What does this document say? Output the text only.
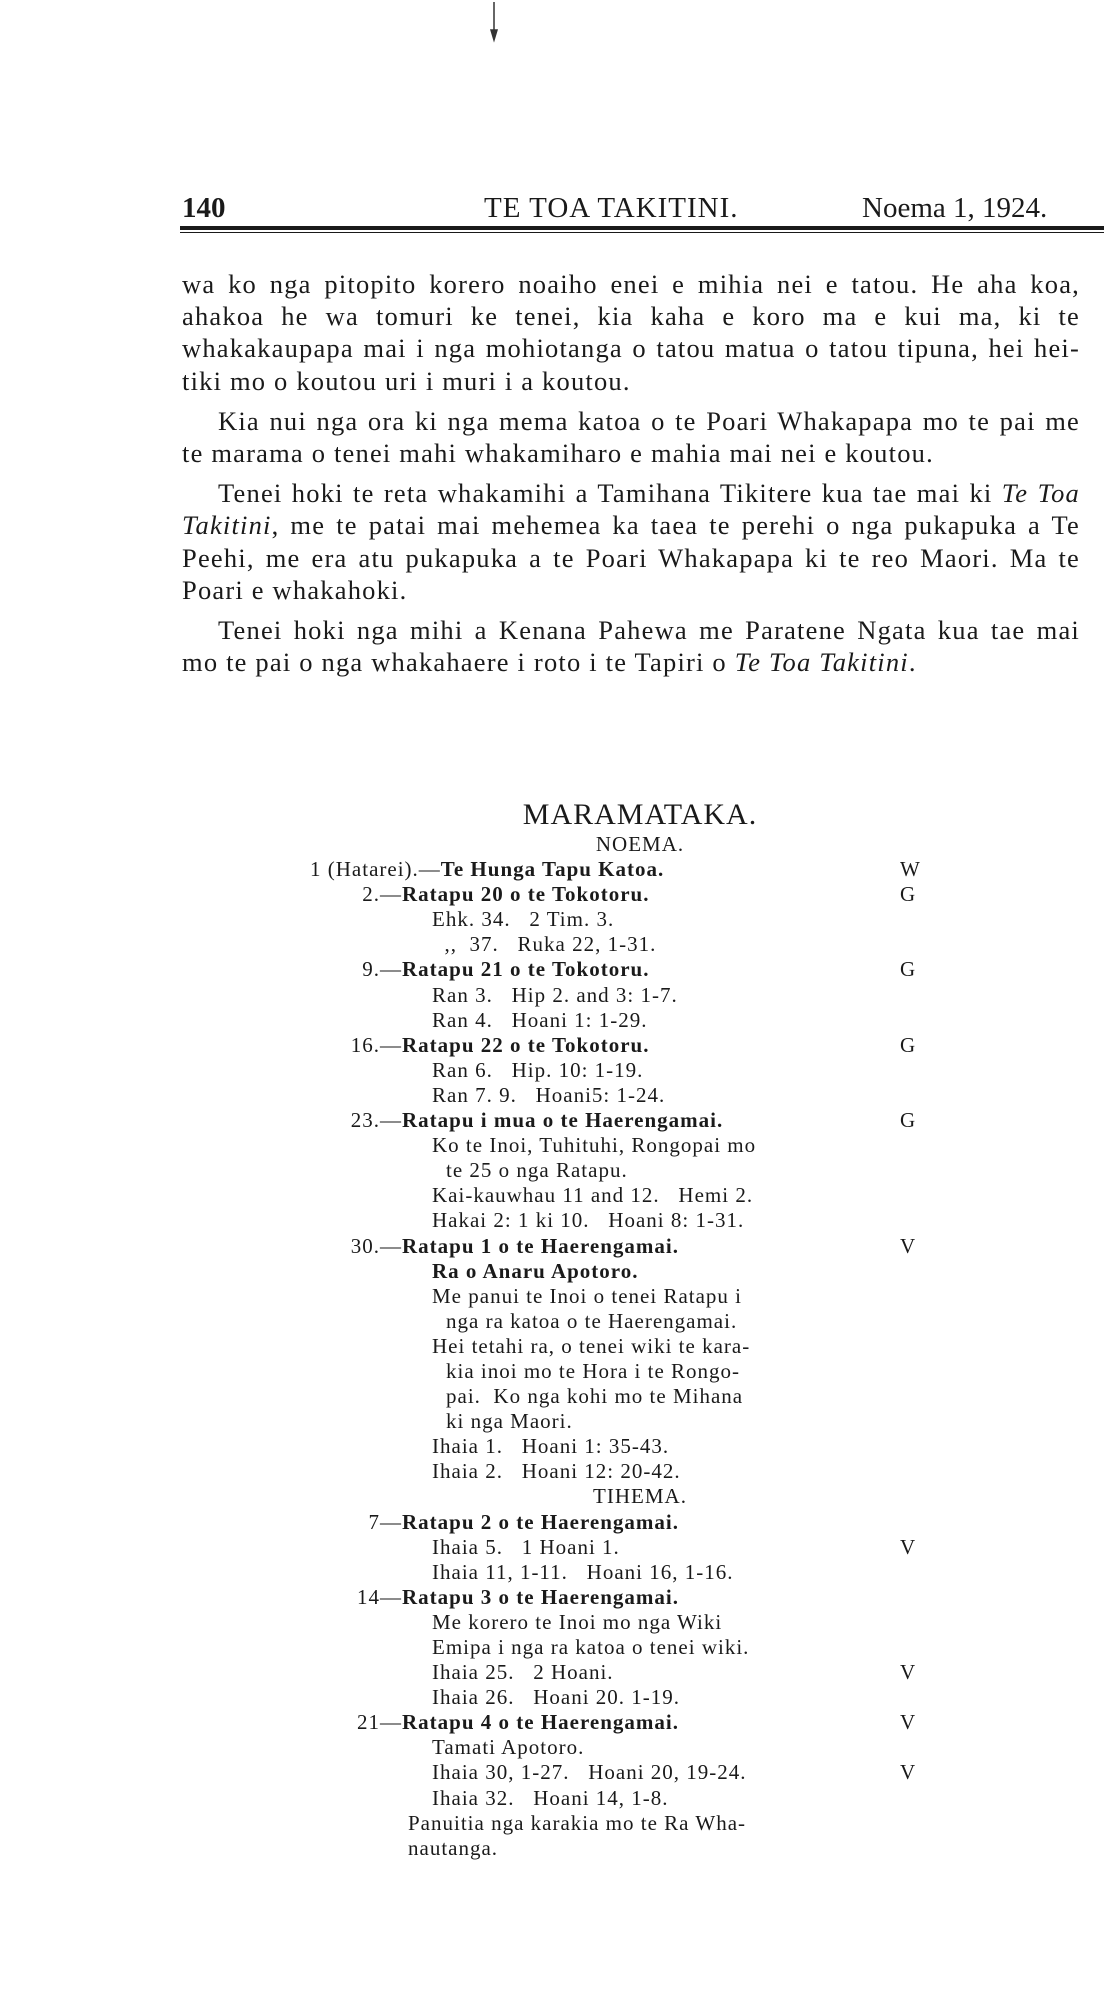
140	TE TOA TAKITINI.	Noema 1, 1924.

wa ko nga pitopito korero noaiho enei e mihia nei e tatou. He aha koa, ahakoa he wa tomuri ke tenei, kia kaha e koro ma e kui ma, ki te whakakaupapa mai i nga mohiotanga o tatou matua o tatou tipuna, hei hei-tiki mo o koutou uri i muri i a koutou.

Kia nui nga ora ki nga mema katoa o te Poari Whakapapa mo te pai me te marama o tenei mahi whakamiharo e mahia mai nei e koutou.

Tenei hoki te reta whakamihi a Tamihana Tikitere kua tae mai ki Te Toa Takitini, me te patai mai mehemea ka taea te perehi o nga pukapuka a Te Peehi, me era atu pukapuka a te Poari Whakapapa ki te reo Maori. Ma te Poari e whakahoki.

Tenei hoki nga mihi a Kenana Pahewa me Paratene Ngata kua tae mai mo te pai o nga whakahaere i roto i te Tapiri o Te Toa Takitini.

MARAMATAKA.
NOEMA.
1 (Hatarei).—Te Hunga Tapu Katoa.	W
2.—Ratapu 20 o te Tokotoru.	G
Ehk. 34.   2 Tim. 3.
,,  37.   Ruka 22, 1-31.
9.—Ratapu 21 o te Tokotoru.	G
Ran 3.   Hip 2. and 3: 1-7.
Ran 4.   Hoani 1: 1-29.
16.—Ratapu 22 o te Tokotoru.	G
Ran 6.   Hip. 10: 1-19.
Ran 7. 9.   Hoani5: 1-24.
23.—Ratapu i mua o te Haerengamai.	G
Ko te Inoi, Tuhituhi, Rongopai mo
te 25 o nga Ratapu.
Kai-kauwhau 11 and 12.   Hemi 2.
Hakai 2: 1 ki 10.   Hoani 8: 1-31.
30.—Ratapu 1 o te Haerengamai.	V
Ra o Anaru Apotoro.
Me panui te Inoi o tenei Ratapu i
nga ra katoa o te Haerengamai.
Hei tetahi ra, o tenei wiki te kara-
kia inoi mo te Hora i te Rongo-
pai.  Ko nga kohi mo te Mihana
ki nga Maori.
Ihaia 1.   Hoani 1: 35-43.
Ihaia 2.   Hoani 12: 20-42.
TIHEMA.
7—Ratapu 2 o te Haerengamai.
Ihaia 5.   1 Hoani 1.	V
Ihaia 11, 1-11.   Hoani 16, 1-16.
14—Ratapu 3 o te Haerengamai.
Me korero te Inoi mo nga Wiki
Emipa i nga ra katoa o tenei wiki.
Ihaia 25.   2 Hoani.	V
Ihaia 26.   Hoani 20. 1-19.
21—Ratapu 4 o te Haerengamai.	V
Tamati Apotoro.
Ihaia 30, 1-27.   Hoani 20, 19-24.	V
Ihaia 32.   Hoani 14, 1-8.
Panuitia nga karakia mo te Ra Wha-
nautanga.
